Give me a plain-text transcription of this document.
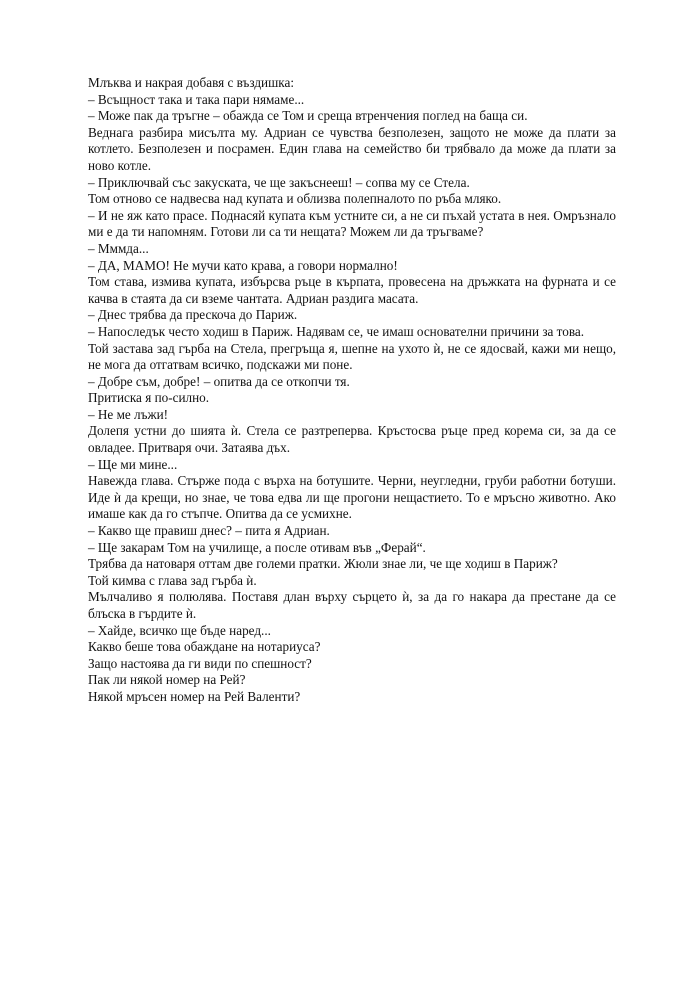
Млъква и накрая добавя с въздишка:

– Всъщност така и така пари нямаме...

– Може пак да тръгне – обажда се Том и среща втренчения поглед на баща си.

Веднага разбира мисълта му. Адриан се чувства безполезен, защото не може да плати за котлето. Безполезен и посрамен. Един глава на семейство би трябвало да може да плати за ново котле.

– Приключвай със закуската, че ще закъснееш! – сопва му се Стела.

Том отново се надвесва над купата и облизва полепналото по ръба мляко.

– И не яж като прасе. Поднасяй купата към устните си, а не си пъхай устата в нея. Омръзнало ми е да ти напомням. Готови ли са ти нещата? Можем ли да тръгваме?

– Мммда...

– ДА, МАМО! Не мучи като крава, а говори нормално!

Том става, измива купата, избърсва ръце в кърпата, провесена на дръжката на фурната и се качва в стаята да си вземе чантата. Адриан раздига масата.

– Днес трябва да прескоча до Париж.

– Напоследък често ходиш в Париж. Надявам се, че имаш основателни причини за това.

Той застава зад гърба на Стела, прегръща я, шепне на ухото ѝ, не се ядосвай, кажи ми нещо, не мога да отгатвам всичко, подскажи ми поне.

– Добре съм, добре! – опитва да се откопчи тя.

Притиска я по-силно.

– Не ме лъжи!

Долепя устни до шията ѝ. Стела се разтреперва. Кръстосва ръце пред корема си, за да се овладее. Притваря очи. Затаява дъх.

– Ще ми мине...

Навежда глава. Стърже пода с върха на ботушите. Черни, неугледни, груби работни ботуши. Иде ѝ да крещи, но знае, че това едва ли ще прогони нещастието. То е мръсно животно. Ако имаше как да го стъпче. Опитва да се усмихне.

– Какво ще правиш днес? – пита я Адриан.

– Ще закарам Том на училище, а после отивам във „Ферай“.

Трябва да натоваря оттам две големи пратки. Жюли знае ли, че ще ходиш в Париж?

Той кимва с глава зад гърба ѝ.

Мълчаливо я полюлява. Поставя длан върху сърцето ѝ, за да го накара да престане да се блъска в гърдите ѝ.

– Хайде, всичко ще бъде наред...

Какво беше това обаждане на нотариуса?

Защо настоява да ги види по спешност?

Пак ли някой номер на Рей?

Някой мръсен номер на Рей Валенти?
